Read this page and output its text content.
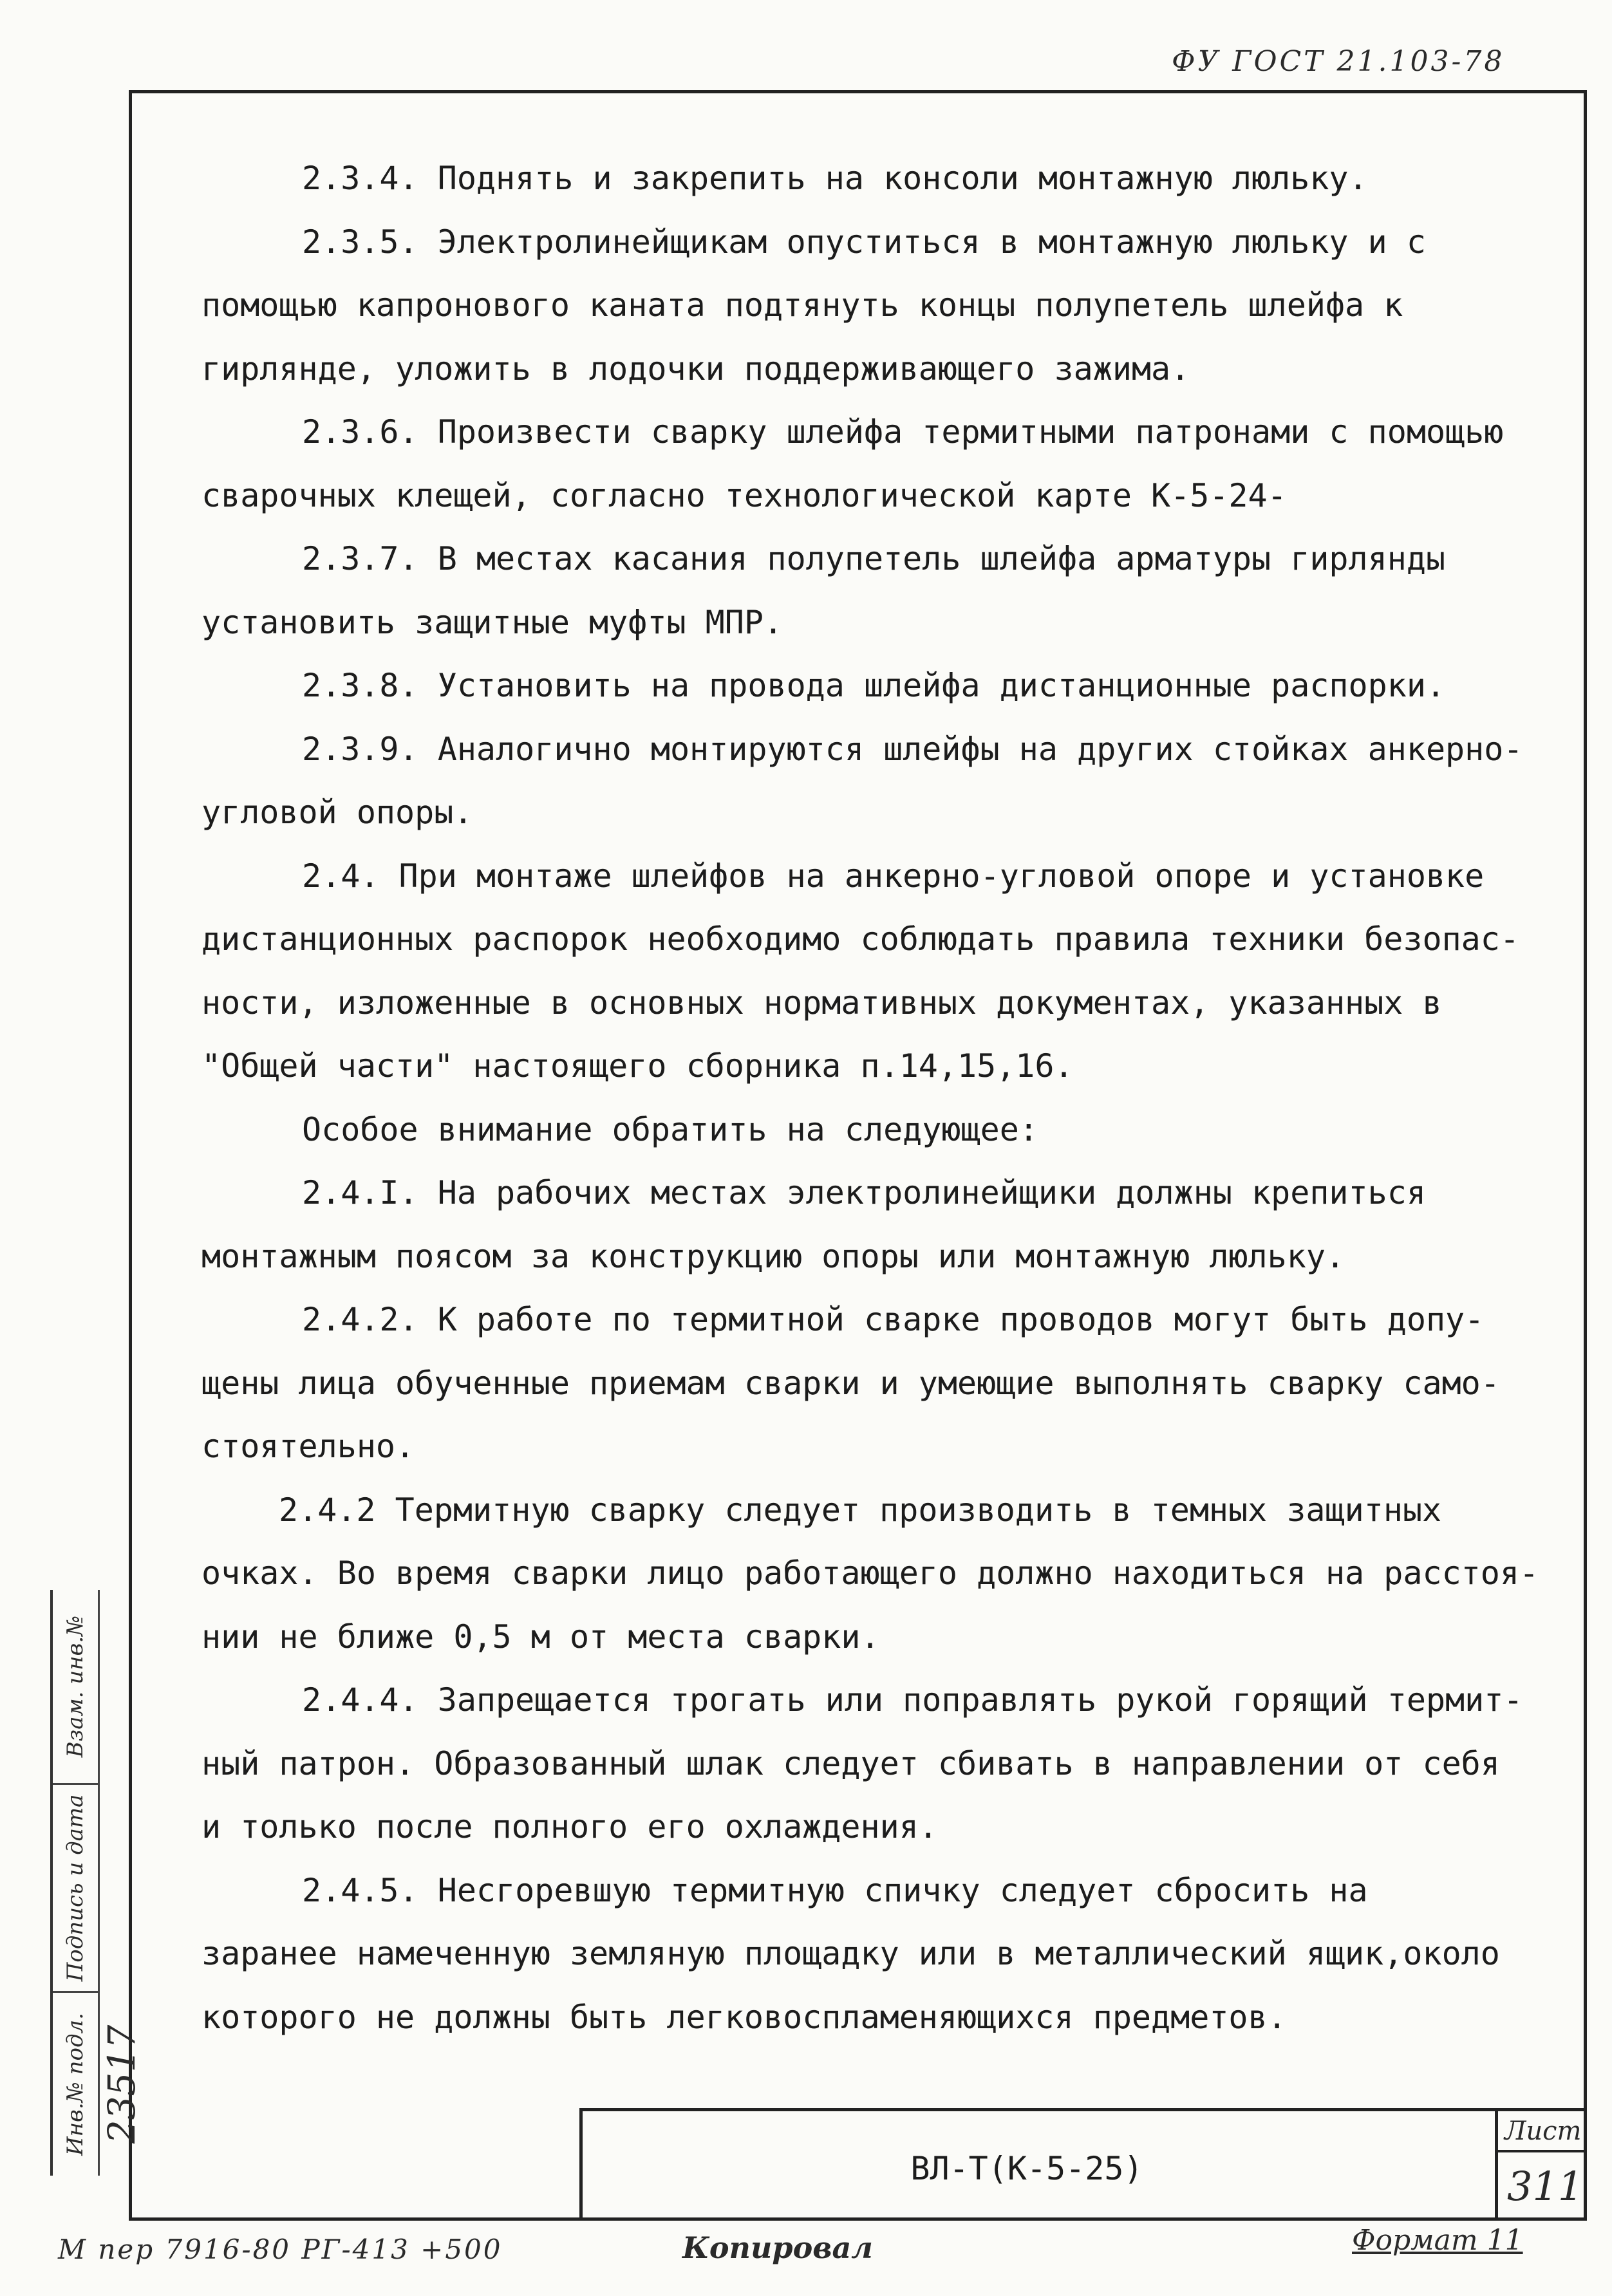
ФУ ГОСТ 21.103-78
2.3.4. Поднять и закрепить на консоли монтажную люльку.
2.3.5. Электролинейщикам опуститься в монтажную люльку и с
помощью капронового каната подтянуть концы полупетель шлейфа к
гирлянде, уложить в лодочки поддерживающего зажима.
2.3.6. Произвести сварку шлейфа термитными патронами с помощью
сварочных клещей, согласно технологической карте К-5-24-
2.3.7. В местах касания полупетель шлейфа арматуры гирлянды
установить защитные муфты МПР.
2.3.8. Установить на провода шлейфа дистанционные распорки.
2.3.9. Аналогично монтируются шлейфы на других стойках анкерно-
угловой опоры.
2.4. При монтаже шлейфов на анкерно-угловой опоре и установке
дистанционных распорок необходимо соблюдать правила техники безопас-
ности, изложенные в основных нормативных документах, указанных в
"Общей части" настоящего сборника п.14,15,16.
Особое внимание обратить на следующее:
2.4.I. На рабочих местах электролинейщики должны крепиться
монтажным поясом за конструкцию опоры или монтажную люльку.
2.4.2. К работе по термитной сварке проводов могут быть допу-
щены лица обученные приемам сварки и умеющие выполнять сварку само-
стоятельно.
2.4.2 Термитную сварку следует производить в темных защитных
очках. Во время сварки лицо работающего должно находиться на расстоя-
нии не ближе 0,5 м от места сварки.
2.4.4. Запрещается трогать или поправлять рукой горящий термит-
ный патрон. Образованный шлак следует сбивать в направлении от себя
и только после полного его охлаждения.
2.4.5. Несгоревшую термитную спичку следует сбросить на
заранее намеченную земляную площадку или в металлический ящик,около
которого не должны быть легковоспламеняющихся предметов.
Взам. инв.№
Подпись и дата
Инв.№ подл. 23517
ВЛ-Т(К-5-25)
Лист
311
М пер 7916-80 РГ-413 +500	Копировал	Формат 11
